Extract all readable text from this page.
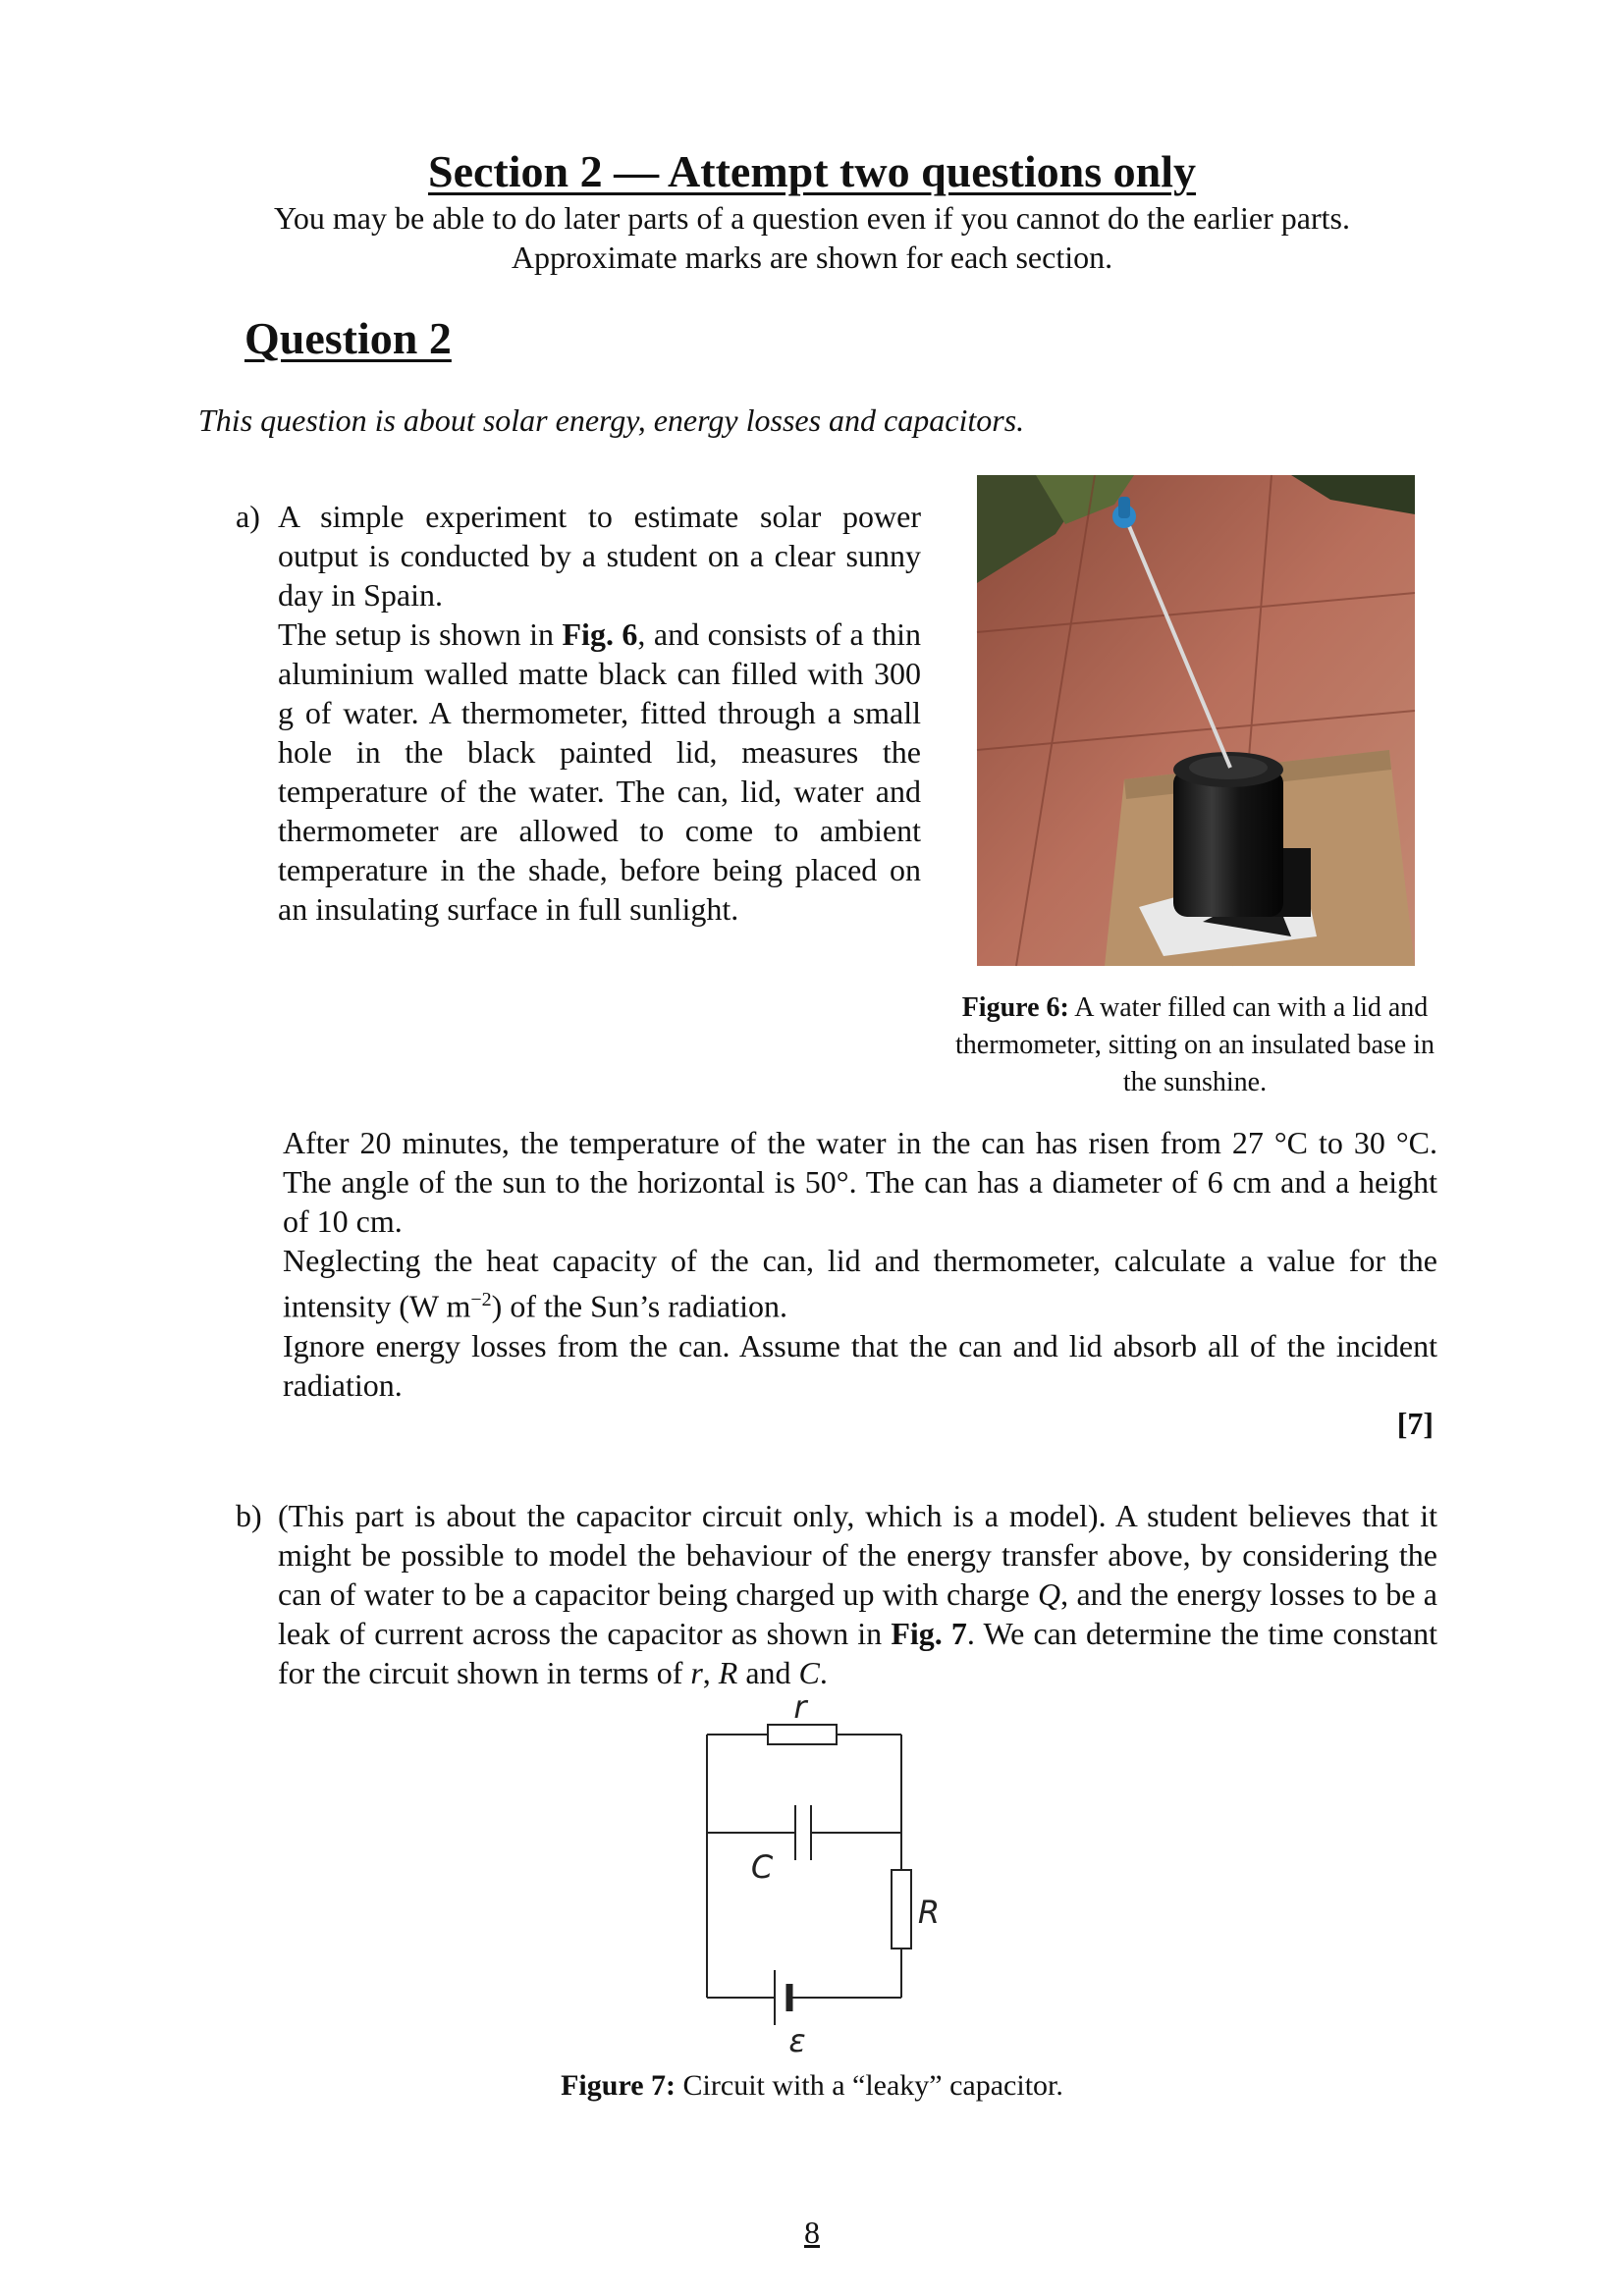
Section 2 — Attempt two questions only
You may be able to do later parts of a question even if you cannot do the earlier parts.
Approximate marks are shown for each section.
Question 2
This question is about solar energy, energy losses and capacitors.
a) A simple experiment to estimate solar power output is conducted by a student on a clear sunny day in Spain.
The setup is shown in Fig. 6, and consists of a thin aluminium walled matte black can filled with 300 g of water. A thermometer, fitted through a small hole in the black painted lid, measures the temperature of the water. The can, lid, water and thermometer are allowed to come to ambient temperature in the shade, before being placed on an insulating surface in full sunlight.
Figure 6: A water filled can with a lid and thermometer, sitting on an insulated base in the sunshine.
After 20 minutes, the temperature of the water in the can has risen from 27 °C to 30 °C. The angle of the sun to the horizontal is 50°. The can has a diameter of 6 cm and a height of 10 cm.
Neglecting the heat capacity of the can, lid and thermometer, calculate a value for the intensity (W $m^{-2}$) of the Sun’s radiation.
Ignore energy losses from the can. Assume that the can and lid absorb all of the incident radiation.
[7]
b) (This part is about the capacitor circuit only, which is a model). A student believes that it might be possible to model the behaviour of the energy transfer above, by considering the can of water to be a capacitor being charged up with charge Q, and the energy losses to be a leak of current across the capacitor as shown in Fig. 7. We can determine the time constant for the circuit shown in terms of r, R and C.
r
C
R
ε
Figure 7: Circuit with a “leaky” capacitor.
8
